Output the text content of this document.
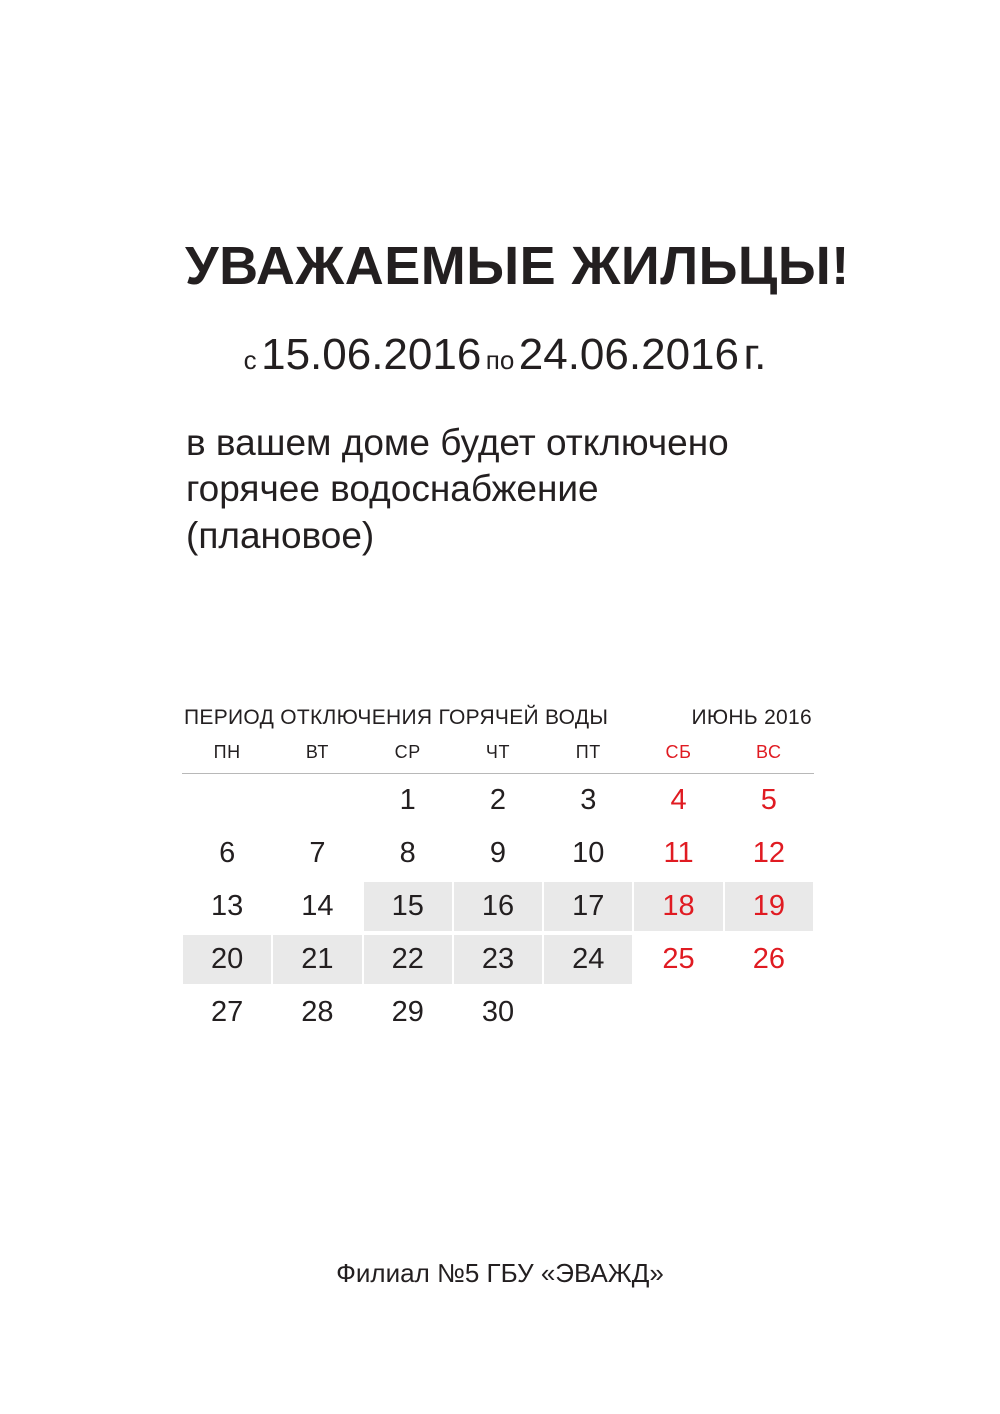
УВАЖАЕМЫЕ ЖИЛЬЦЫ!
с 15.06.2016 по 24.06.2016 г.
в вашем доме будет отключено
горячее водоснабжение
(плановое)
ПЕРИОД ОТКЛЮЧЕНИЯ ГОРЯЧЕЙ ВОДЫ	ИЮНЬ 2016
ПН	ВТ	СР	ЧТ	ПТ	СБ	ВС

		1	2	3	4	5

6	7	8	9	10	11	12

13	14	15	16	17	18	19

20	21	22	23	24	25	26

27	28	29	30			

Филиал №5 ГБУ «ЭВАЖД»
